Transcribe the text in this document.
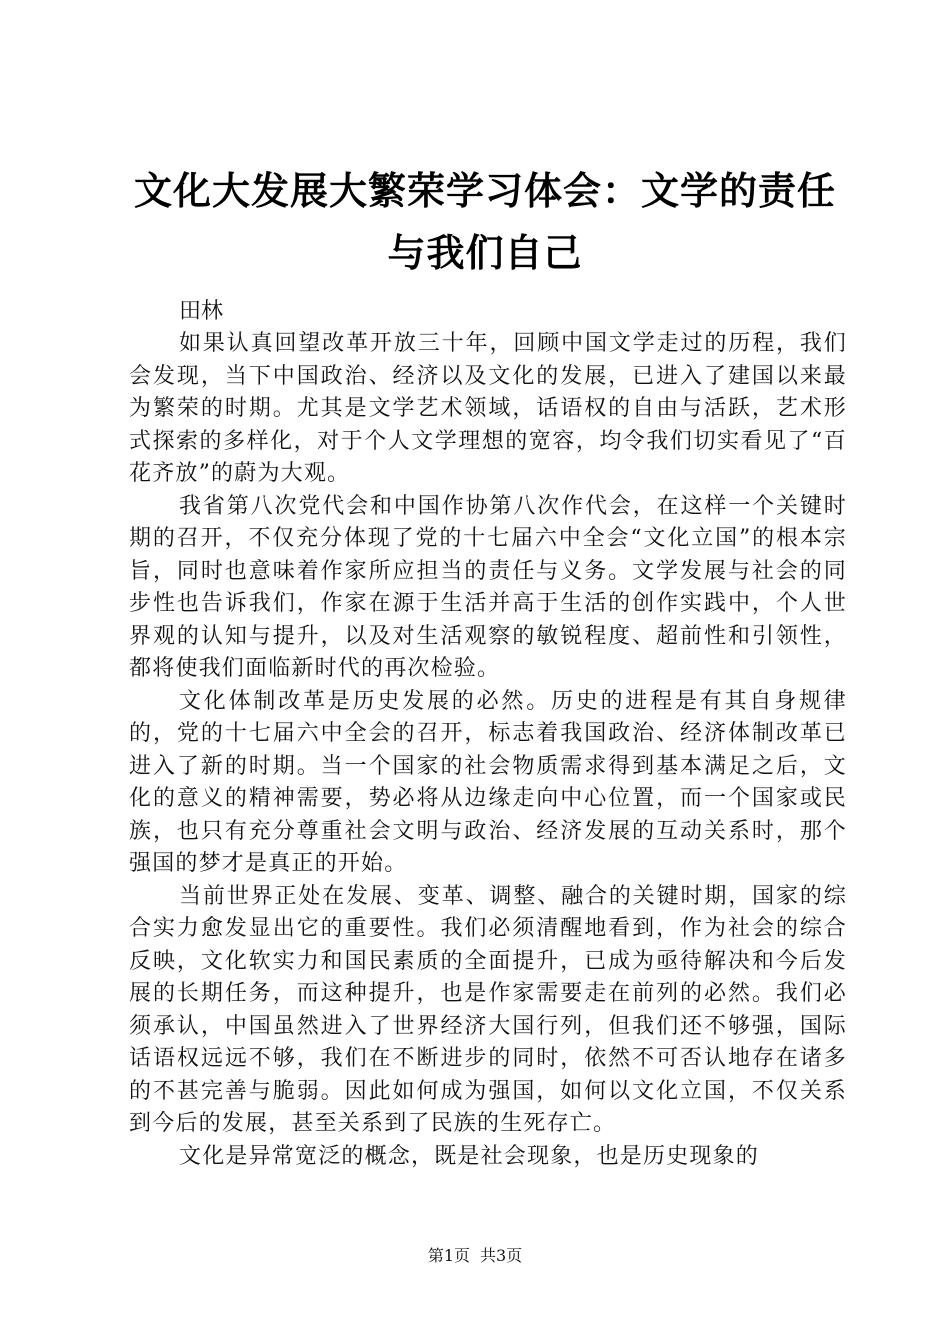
文化大发展大繁荣学习体会：文学的责任与我们自己

田林

如果认真回望改革开放三十年，回顾中国文学走过的历程，我们会发现，当下中国政治、经济以及文化的发展，已进入了建国以来最为繁荣的时期。尤其是文学艺术领域，话语权的自由与活跃，艺术形式探索的多样化，对于个人文学理想的宽容，均令我们切实看见了“百花齐放”的蔚为大观。

我省第八次党代会和中国作协第八次作代会，在这样一个关键时期的召开，不仅充分体现了党的十七届六中全会“文化立国”的根本宗旨，同时也意味着作家所应担当的责任与义务。文学发展与社会的同步性也告诉我们，作家在源于生活并高于生活的创作实践中，个人世界观的认知与提升，以及对生活观察的敏锐程度、超前性和引领性，都将使我们面临新时代的再次检验。

文化体制改革是历史发展的必然。历史的进程是有其自身规律的，党的十七届六中全会的召开，标志着我国政治、经济体制改革已进入了新的时期。当一个国家的社会物质需求得到基本满足之后，文化的意义的精神需要，势必将从边缘走向中心位置，而一个国家或民族，也只有充分尊重社会文明与政治、经济发展的互动关系时，那个强国的梦才是真正的开始。

当前世界正处在发展、变革、调整、融合的关键时期，国家的综合实力愈发显出它的重要性。我们必须清醒地看到，作为社会的综合反映，文化软实力和国民素质的全面提升，已成为亟待解决和今后发展的长期任务，而这种提升，也是作家需要走在前列的必然。我们必须承认，中国虽然进入了世界经济大国行列，但我们还不够强，国际话语权远远不够，我们在不断进步的同时，依然不可否认地存在诸多的不甚完善与脆弱。因此如何成为强国，如何以文化立国，不仅关系到今后的发展，甚至关系到了民族的生死存亡。

文化是异常宽泛的概念，既是社会现象，也是历史现象的

第1页 共3页
